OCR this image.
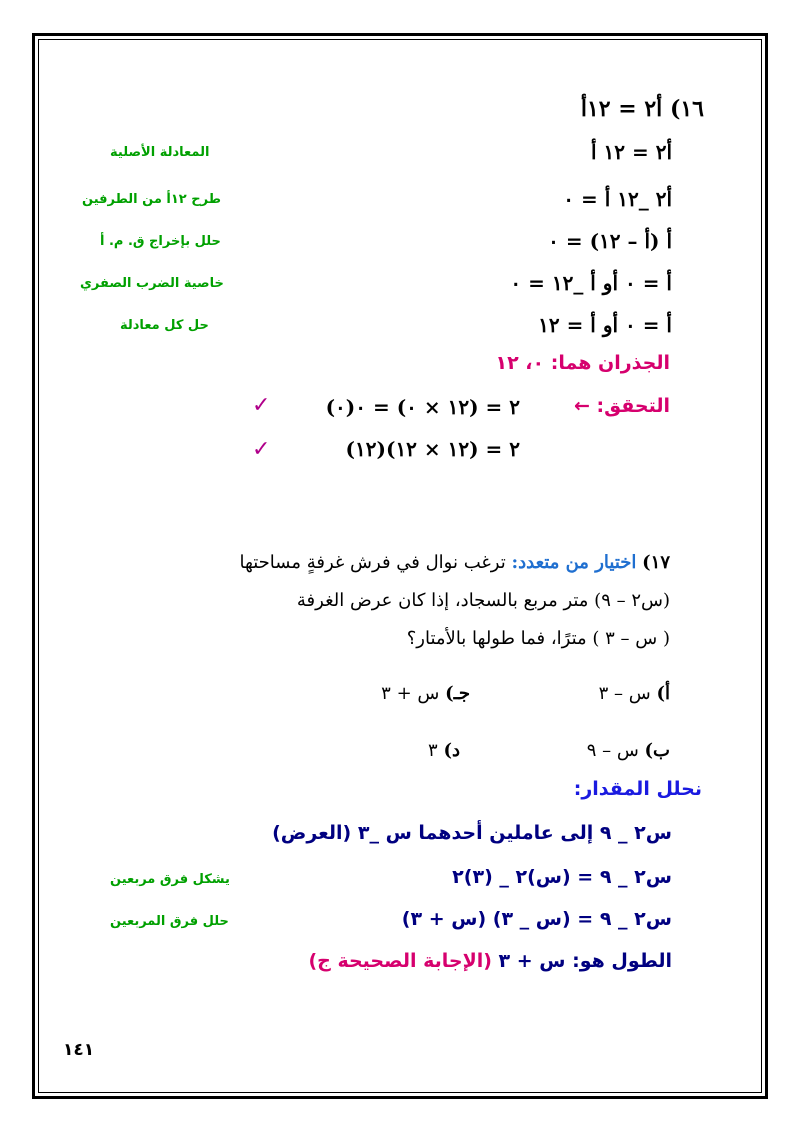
١٦) أ٢ = ١٢أ
أ٢ = ١٢ أ
المعادلة الأصلية
أ٢ _١٢ أ = ٠
طرح ١٢أ من الطرفين
أ (أ – ١٢) = ٠
حلل بإخراج ق. م. أ
أ = ٠ أو أ _١٢ = ٠
خاصية الضرب الصفري
أ = ٠ أو أ = ١٢
حل كل معادلة
الجذران هما: ٠، ١٢
التحقق: ←
(٠)٢ = (١٢ × ٠) = ٠
✓
(١٢)٢ = (١٢ × ١٢)
✓
١٧) اختيار من متعدد: ترغب نوال في فرش غرفةٍ مساحتها
(س٢ – ٩) متر مربع بالسجاد، إذا كان عرض الغرفة
( س – ٣ ) مترًا، فما طولها بالأمتار؟
أ) س – ٣
جـ) س + ٣
ب) س – ٩
د) ٣
نحلل المقدار:
س٢ _ ٩ إلى عاملين أحدهما س _٣ (العرض)
س٢ _ ٩ = (س)٢ _ (٣)٢
يشكل فرق مربعين
س٢ _ ٩ = (س _ ٣) (س + ٣)
حلل فرق المربعين
الطول هو: س + ٣ (الإجابة الصحيحة ج)
١٤١
